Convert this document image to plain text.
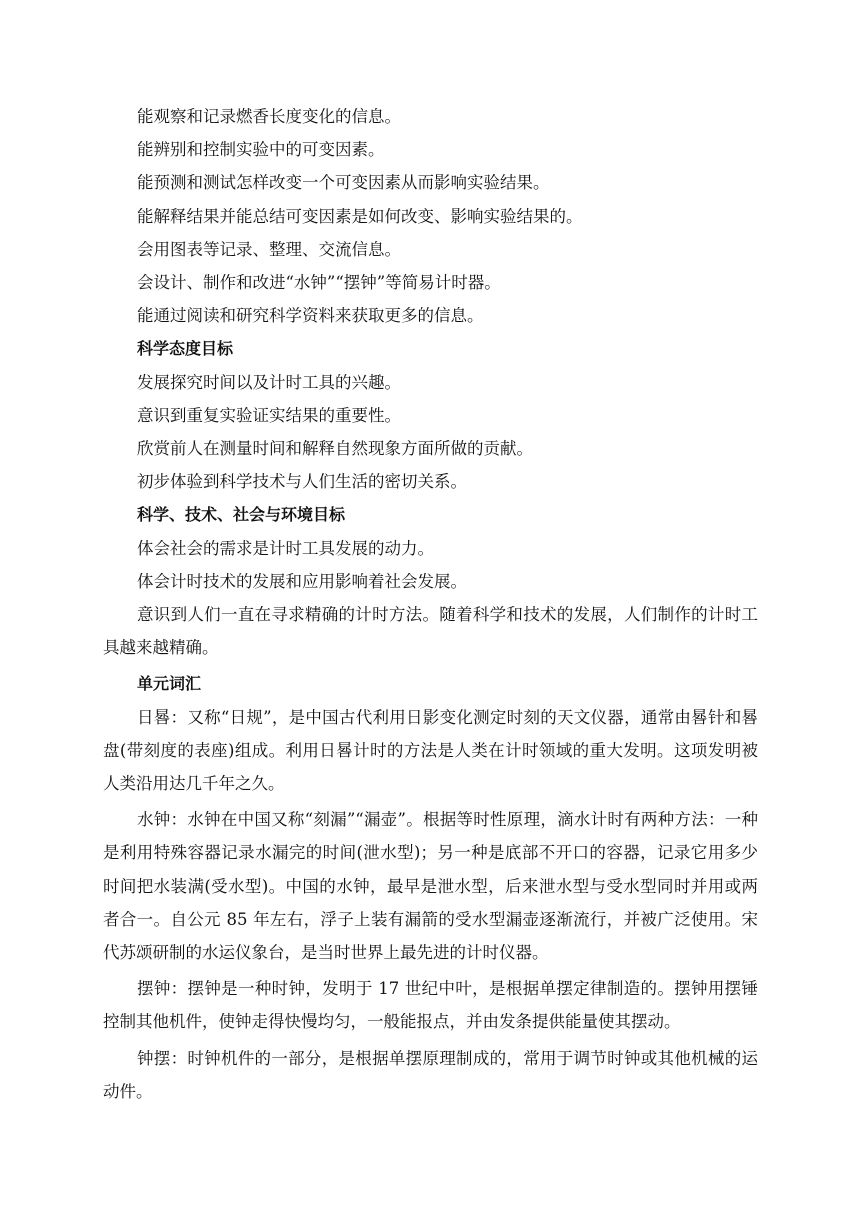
能观察和记录燃香长度变化的信息。

能辨别和控制实验中的可变因素。

能预测和测试怎样改变一个可变因素从而影响实验结果。

能解释结果并能总结可变因素是如何改变、影响实验结果的。

会用图表等记录、整理、交流信息。

会设计、制作和改进“水钟”“摆钟”等简易计时器。

能通过阅读和研究科学资料来获取更多的信息。

科学态度目标

发展探究时间以及计时工具的兴趣。

意识到重复实验证实结果的重要性。

欣赏前人在测量时间和解释自然现象方面所做的贡献。

初步体验到科学技术与人们生活的密切关系。

科学、技术、社会与环境目标

体会社会的需求是计时工具发展的动力。

体会计时技术的发展和应用影响着社会发展。

意识到人们一直在寻求精确的计时方法。随着科学和技术的发展，人们制作的计时工具越来越精确。

单元词汇

日晷：又称“日规”，是中国古代利用日影变化测定时刻的天文仪器，通常由晷针和晷盘(带刻度的表座)组成。利用日晷计时的方法是人类在计时领域的重大发明。这项发明被人类沿用达几千年之久。

水钟：水钟在中国又称“刻漏”“漏壶”。根据等时性原理，滴水计时有两种方法：一种是利用特殊容器记录水漏完的时间(泄水型)；另一种是底部不开口的容器，记录它用多少时间把水装满(受水型)。中国的水钟，最早是泄水型，后来泄水型与受水型同时并用或两者合一。自公元 85 年左右，浮子上装有漏箭的受水型漏壶逐渐流行，并被广泛使用。宋代苏颂研制的水运仪象台，是当时世界上最先进的计时仪器。

摆钟：摆钟是一种时钟，发明于 17 世纪中叶，是根据单摆定律制造的。摆钟用摆锤控制其他机件，使钟走得快慢均匀，一般能报点，并由发条提供能量使其摆动。

钟摆：时钟机件的一部分，是根据单摆原理制成的，常用于调节时钟或其他机械的运动件。
